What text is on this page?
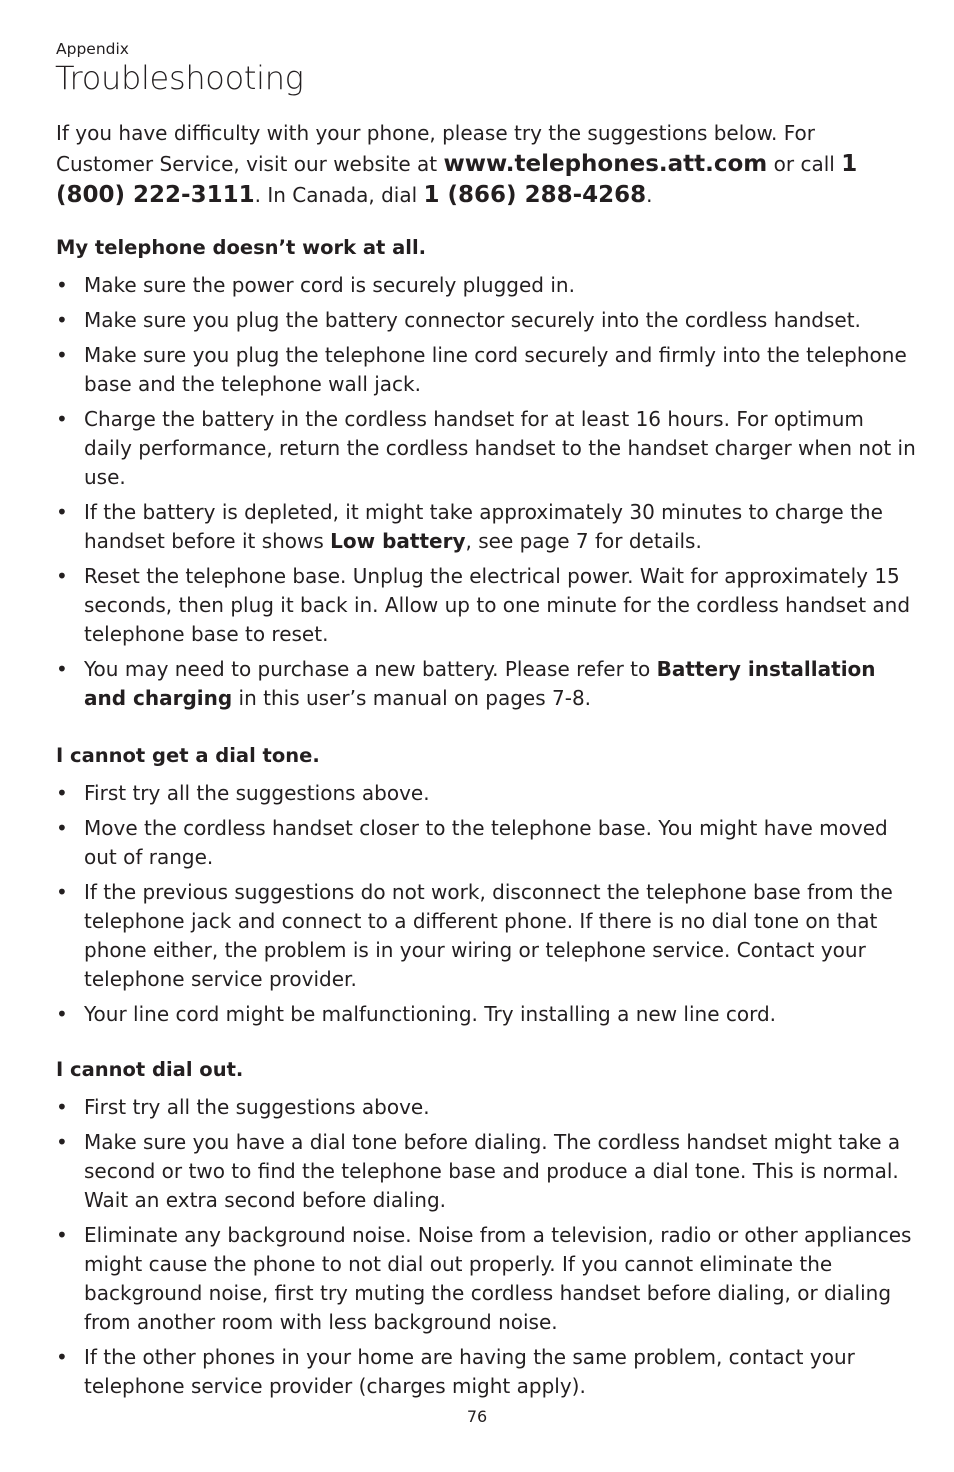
Appendix
Troubleshooting

If you have difficulty with your phone, please try the suggestions below. For Customer Service, visit our website at www.telephones.att.com or call 1 (800) 222-3111. In Canada, dial 1 (866) 288-4268.

My telephone doesn’t work at all.
• Make sure the power cord is securely plugged in.
• Make sure you plug the battery connector securely into the cordless handset.
• Make sure you plug the telephone line cord securely and firmly into the telephone base and the telephone wall jack.
• Charge the battery in the cordless handset for at least 16 hours. For optimum daily performance, return the cordless handset to the handset charger when not in use.
• If the battery is depleted, it might take approximately 30 minutes to charge the handset before it shows Low battery, see page 7 for details.
• Reset the telephone base. Unplug the electrical power. Wait for approximately 15 seconds, then plug it back in. Allow up to one minute for the cordless handset and telephone base to reset.
• You may need to purchase a new battery. Please refer to Battery installation and charging in this user’s manual on pages 7-8.
I cannot get a dial tone.
• First try all the suggestions above.
• Move the cordless handset closer to the telephone base. You might have moved out of range.
• If the previous suggestions do not work, disconnect the telephone base from the telephone jack and connect to a different phone. If there is no dial tone on that phone either, the problem is in your wiring or telephone service. Contact your telephone service provider.
• Your line cord might be malfunctioning. Try installing a new line cord.
I cannot dial out.
• First try all the suggestions above.
• Make sure you have a dial tone before dialing. The cordless handset might take a second or two to find the telephone base and produce a dial tone. This is normal. Wait an extra second before dialing.
• Eliminate any background noise. Noise from a television, radio or other appliances might cause the phone to not dial out properly. If you cannot eliminate the background noise, first try muting the cordless handset before dialing, or dialing from another room with less background noise.
• If the other phones in your home are having the same problem, contact your telephone service provider (charges might apply).
76
